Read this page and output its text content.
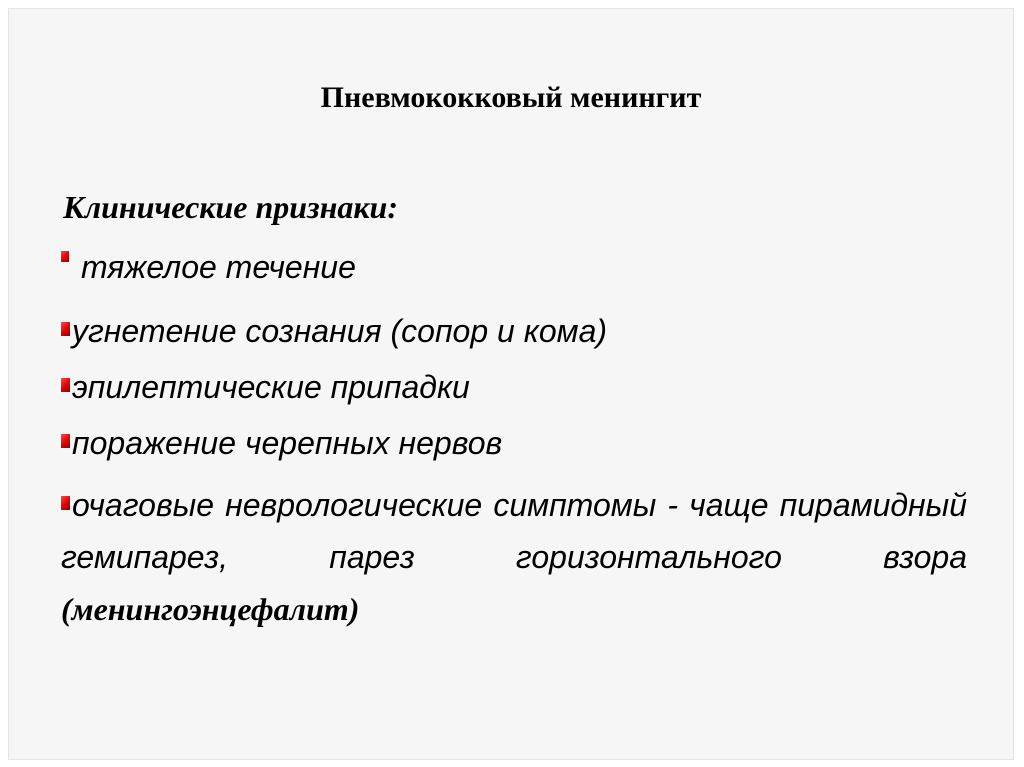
Пневмококковый менингит
Клинические признаки:
тяжелое течение
угнетение сознания (сопор и кома)
эпилептические припадки
поражение черепных нервов
очаговые неврологические симптомы - чаще пирамидный гемипарез, парез горизонтального взора (менингоэнцефалит)
